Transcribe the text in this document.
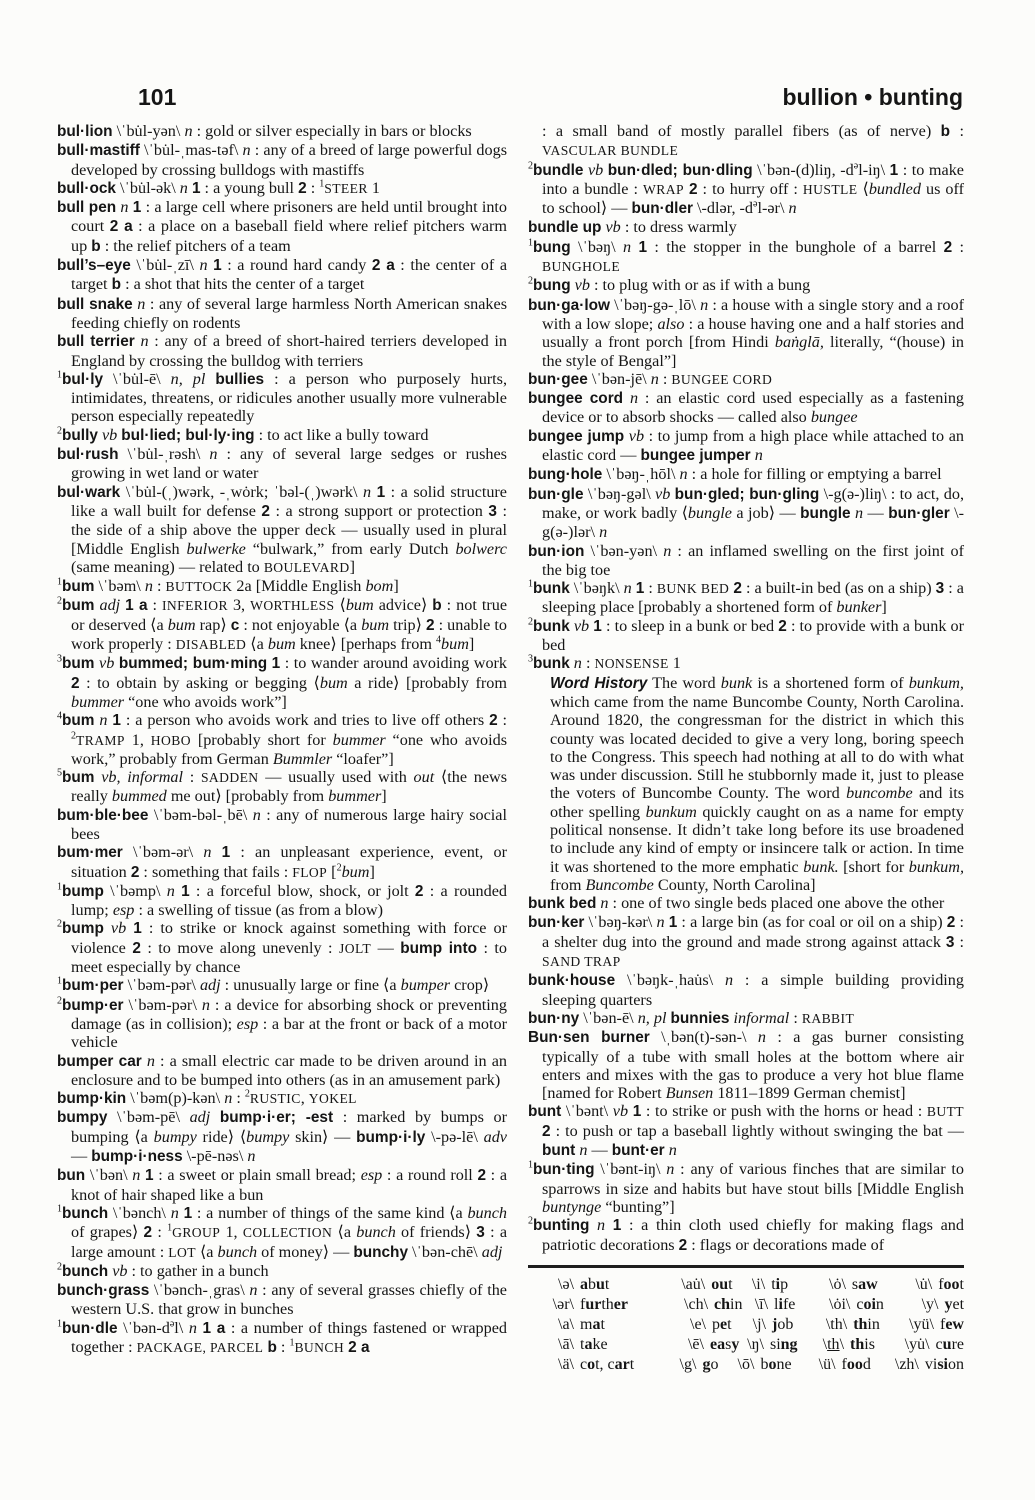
101	bullion • bunting

bul·lion \ˈbu̇l-yən\ n : gold or silver especially in bars or blocks

bull·mastiff \ˈbu̇l-ˌmas-təf\ n : any of a breed of large powerful dogs developed by crossing bulldogs with mastiffs

bull·ock \ˈbu̇l-ək\ n 1 : a young bull 2 : $^1$STEER 1

bull pen n 1 : a large cell where prisoners are held until brought into court 2 a : a place on a baseball field where relief pitchers warm up b : the relief pitchers of a team

bull’s–eye \ˈbu̇l-ˌzī\ n 1 : a round hard candy 2 a : the center of a target b : a shot that hits the center of a target

bull snake n : any of several large harmless North American snakes feeding chiefly on rodents

bull terrier n : any of a breed of short-haired terriers developed in England by crossing the bulldog with terriers

$^1$bul·ly \ˈbu̇l-ē\ n, pl bullies : a person who purposely hurts, intimidates, threatens, or ridicules another usually more vulnerable person especially repeatedly

$^2$bully vb bul·lied; bul·ly·ing : to act like a bully toward

bul·rush \ˈbu̇l-ˌrəsh\ n : any of several large sedges or rushes growing in wet land or water

bul·wark \ˈbu̇l-(ˌ)wərk, -ˌwȯrk; ˈbəl-(ˌ)wərk\ n 1 : a solid structure like a wall built for defense 2 : a strong support or protection 3 : the side of a ship above the upper deck — usually used in plural [Middle English bulwerke “bulwark,” from early Dutch bolwerc (same meaning) — related to BOULEVARD]

$^1$bum \ˈbəm\ n : BUTTOCK 2a [Middle English bom]

$^2$bum adj 1 a : INFERIOR 3, WORTHLESS ⟨bum advice⟩ b : not true or deserved ⟨a bum rap⟩ c : not enjoyable ⟨a bum trip⟩ 2 : unable to work properly : DISABLED ⟨a bum knee⟩ [perhaps from $^4$bum]

$^3$bum vb bummed; bum·ming 1 : to wander around avoiding work 2 : to obtain by asking or begging ⟨bum a ride⟩ [probably from bummer “one who avoids work”]

$^4$bum n 1 : a person who avoids work and tries to live off others 2 : $^2$TRAMP 1, HOBO [probably short for bummer “one who avoids work,” probably from German Bummler “loafer”]

$^5$bum vb, informal : SADDEN — usually used with out ⟨the news really bummed me out⟩ [probably from bummer]

bum·ble·bee \ˈbəm-bəl-ˌbē\ n : any of numerous large hairy social bees

bum·mer \ˈbəm-ər\ n 1 : an unpleasant experience, event, or situation 2 : something that fails : FLOP [$^2$bum]

$^1$bump \ˈbəmp\ n 1 : a forceful blow, shock, or jolt 2 : a rounded lump; esp : a swelling of tissue (as from a blow)

$^2$bump vb 1 : to strike or knock against something with force or violence 2 : to move along unevenly : JOLT — bump into : to meet especially by chance

$^1$bum·per \ˈbəm-pər\ adj : unusually large or fine ⟨a bumper crop⟩

$^2$bump·er \ˈbəm-pər\ n : a device for absorbing shock or preventing damage (as in collision); esp : a bar at the front or back of a motor vehicle

bumper car n : a small electric car made to be driven around in an enclosure and to be bumped into others (as in an amusement park)

bump·kin \ˈbəm(p)-kən\ n : $^2$RUSTIC, YOKEL

bumpy \ˈbəm-pē\ adj bump·i·er; -est : marked by bumps or bumping ⟨a bumpy ride⟩ ⟨bumpy skin⟩ — bump·i·ly \-pə-lē\ adv — bump·i·ness \-pē-nəs\ n

bun \ˈbən\ n 1 : a sweet or plain small bread; esp : a round roll 2 : a knot of hair shaped like a bun

$^1$bunch \ˈbənch\ n 1 : a number of things of the same kind ⟨a bunch of grapes⟩ 2 : $^1$GROUP 1, COLLECTION ⟨a bunch of friends⟩ 3 : a large amount : LOT ⟨a bunch of money⟩ — bunchy \ˈbən-chē\ adj

$^2$bunch vb : to gather in a bunch

bunch·grass \ˈbənch-ˌgras\ n : any of several grasses chiefly of the western U.S. that grow in bunches

$^1$bun·dle $\backslash ˈbən-d^əl\backslash$ n 1 a : a number of things fastened or wrapped together : PACKAGE, PARCEL b : $^1$BUNCH 2 a

: a small band of mostly parallel fibers (as of nerve) b : VASCULAR BUNDLE

$^2$bundle vb bun·dled; bun·dling \ˈbən-(d)liŋ, $-d^əl-iŋ\backslash$ 1 : to make into a bundle : WRAP 2 : to hurry off : HUSTLE ⟨bundled us off to school⟩ — bun·dler \-dlər, $-d^əl-ər\backslash$ n

bundle up vb : to dress warmly

$^1$bung \ˈbəŋ\ n 1 : the stopper in the bunghole of a barrel 2 : BUNGHOLE

$^2$bung vb : to plug with or as if with a bung

bun·ga·low \ˈbəŋ-gə-ˌlō\ n : a house with a single story and a roof with a low slope; also : a house having one and a half stories and usually a front porch [from Hindi baṅglā, literally, “(house) in the style of Bengal”]

bun·gee \ˈbən-jē\ n : BUNGEE CORD

bungee cord n : an elastic cord used especially as a fastening device or to absorb shocks — called also bungee

bungee jump vb : to jump from a high place while attached to an elastic cord — bungee jumper n

bung·hole \ˈbəŋ-ˌhōl\ n : a hole for filling or emptying a barrel

bun·gle \ˈbəŋ-gəl\ vb bun·gled; bun·gling \-g(ə-)liŋ\ : to act, do, make, or work badly ⟨bungle a job⟩ — bungle n — bun·gler \-g(ə-)lər\ n

bun·ion \ˈbən-yən\ n : an inflamed swelling on the first joint of the big toe

$^1$bunk \ˈbəŋk\ n 1 : BUNK BED 2 : a built-in bed (as on a ship) 3 : a sleeping place [probably a shortened form of bunker]

$^2$bunk vb 1 : to sleep in a bunk or bed 2 : to provide with a bunk or bed

$^3$bunk n : NONSENSE 1

Word History The word bunk is a shortened form of bunkum, which came from the name Buncombe County, North Carolina. Around 1820, the congressman for the district in which this county was located decided to give a very long, boring speech to the Congress. This speech had nothing at all to do with what was under discussion. Still he stubbornly made it, just to please the voters of Buncombe County. The word buncombe and its other spelling bunkum quickly caught on as a name for empty political nonsense. It didn’t take long before its use broadened to include any kind of empty or insincere talk or action. In time it was shortened to the more emphatic bunk. [short for bunkum, from Buncombe County, North Carolina]

bunk bed n : one of two single beds placed one above the other

bun·ker \ˈbəŋ-kər\ n 1 : a large bin (as for coal or oil on a ship) 2 : a shelter dug into the ground and made strong against attack 3 : SAND TRAP

bunk·house \ˈbəŋk-ˌhau̇s\ n : a simple building providing sleeping quarters

bun·ny \ˈbən-ē\ n, pl bunnies informal : RABBIT

Bun·sen burner \ˌbən(t)-sən-\ n : a gas burner consisting typically of a tube with small holes at the bottom where air enters and mixes with the gas to produce a very hot blue flame [named for Robert Bunsen 1811–1899 German chemist]

bunt \ˈbənt\ vb 1 : to strike or push with the horns or head : BUTT 2 : to push or tap a baseball lightly without swinging the bat — bunt n — bunt·er n

$^1$bun·ting \ˈbənt-iŋ\ n : any of various finches that are similar to sparrows in size and habits but have stout bills [Middle English buntynge “bunting”]

$^2$bunting n 1 : a thin cloth used chiefly for making flags and patriotic decorations 2 : flags or decorations made of

\ə\ abut	\au̇\ out	\i\ tip	\ȯ\ saw	\u̇\ foot
\ər\ further	\ch\ chin \ī\ life	\ȯi\ coin	\y\ yet
\a\ mat	\e\ pet	\j\ job	\th\ thin	\yü\ few
\ā\ take	\ē\ easy \ŋ\ sing	\th\ this	\yu̇\ cure
\ä\ cot, cart	\g\ go	\ō\ bone	\ü\ food	\zh\ vision
